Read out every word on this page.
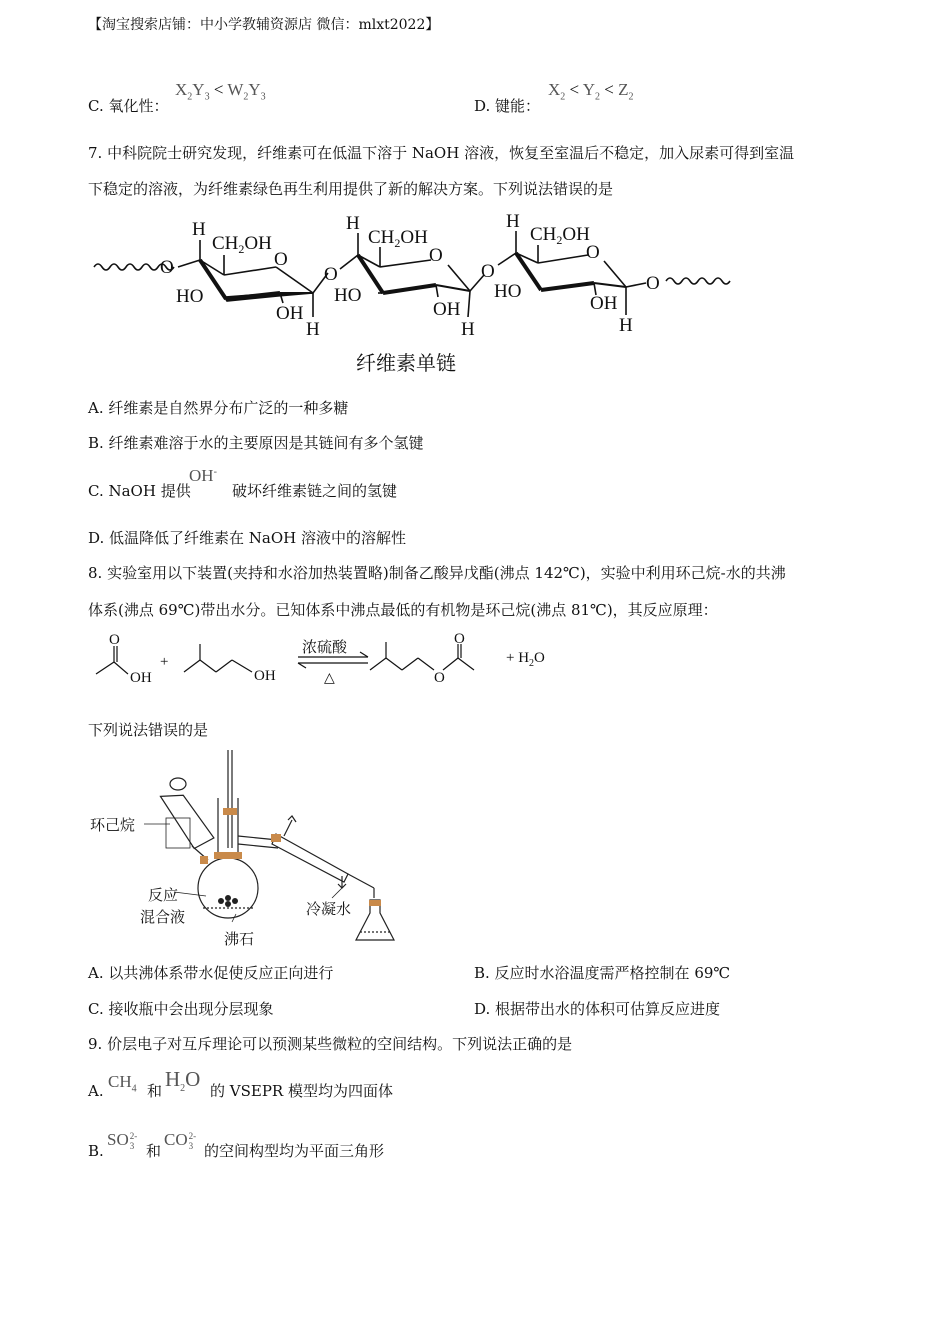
【淘宝搜索店铺：中小学教辅资源店 微信：mlxt2022】
C. 氧化性：
$X_2Y_3 < W_2Y_3$
D. 键能：
$X_2 < Y_2 < Z_2$
7. 中科院院士研究发现，纤维素可在低温下溶于 NaOH 溶液，恢复至室温后不稳定，加入尿素可得到室温
下稳定的溶液，为纤维素绿色再生利用提供了新的解决方案。下列说法错误的是
O
H
$CH_2OH$
O
HO
OH
H
O
H
$CH_2OH$
O
HO
OH
H
O
H
$CH_2OH$
O
HO
OH
H
O
纤维素单链
A. 纤维素是自然界分布广泛的一种多糖
B. 纤维素难溶于水的主要原因是其链间有多个氢键
C. NaOH 提供
OH-
破坏纤维素链之间的氢键
D. 低温降低了纤维素在 NaOH 溶液中的溶解性
8. 实验室用以下装置(夹持和水浴加热装置略)制备乙酸异戊酯(沸点 142℃)，实验中利用环己烷-水的共沸
体系(沸点 69℃)带出水分。已知体系中沸点最低的有机物是环己烷(沸点 81℃)，其反应原理：
O
OH
+
OH	O
O
+ $H_2O$
浓硫酸
△
下列说法错误的是
环己烷
反应
混合液
沸石
冷凝水
A. 以共沸体系带水促使反应正向进行	B. 反应时水浴温度需严格控制在 69℃
C. 接收瓶中会出现分层现象	D. 根据带出水的体积可估算反应进度
9. 价层电子对互斥理论可以预测某些微粒的空间结构。下列说法正确的是
A. $CH_4$ 和 $H_2O$ 的 VSEPR 模型均为四面体
B.
SO 2-
3 和
CO 2-
3 的空间构型均为平面三角形
